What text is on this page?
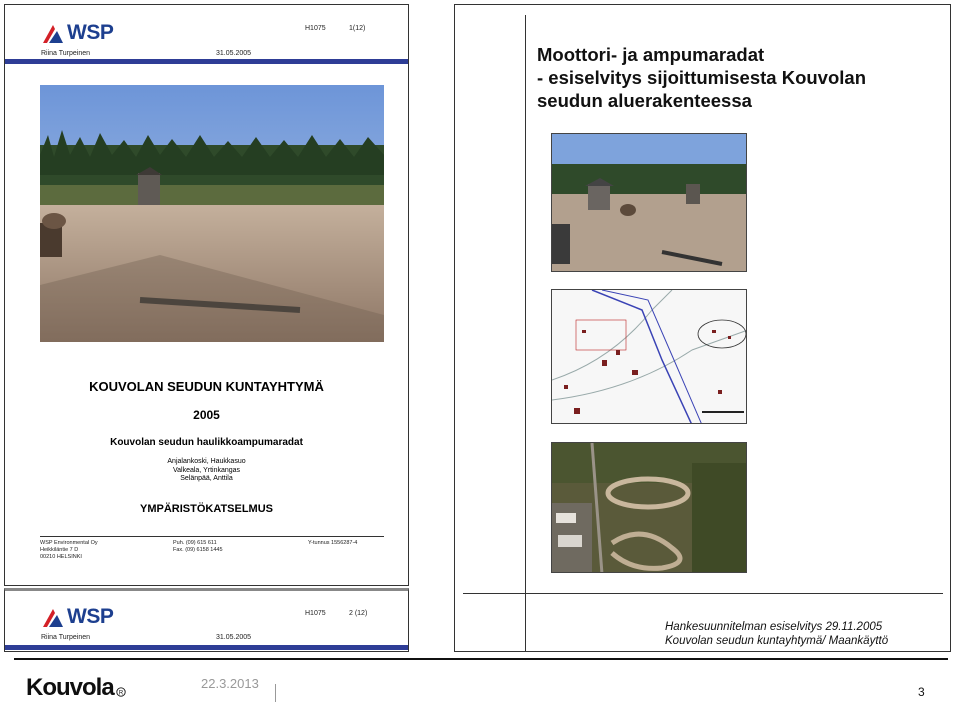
WSP	H1075	1(12)
Riina Turpeinen	31.05.2005
KOUVOLAN SEUDUN KUNTAYHTYMÄ
2005
Kouvolan seudun haulikkoampumaradat
Anjalankoski, Haukkasuo
Valkeala, Yrtinkangas
Selänpää, Anttila
YMPÄRISTÖKATSELMUS
WSP Environmental Oy
Heikkiläntie 7 D
00210 HELSINKI
Puh. (09) 615 611
Fax. (09) 6158 1445
Y-tunnus 1556287-4
WSP	H1075	2 (12)
Riina Turpeinen	31.05.2005
Moottori- ja ampumaradat
- esiselvitys sijoittumisesta Kouvolan
seudun aluerakenteessa
Hankesuunnitelman esiselvitys 29.11.2005
Kouvolan seudun kuntayhtymä/ Maankäyttö
Kouvola R
22.3.2013
3
